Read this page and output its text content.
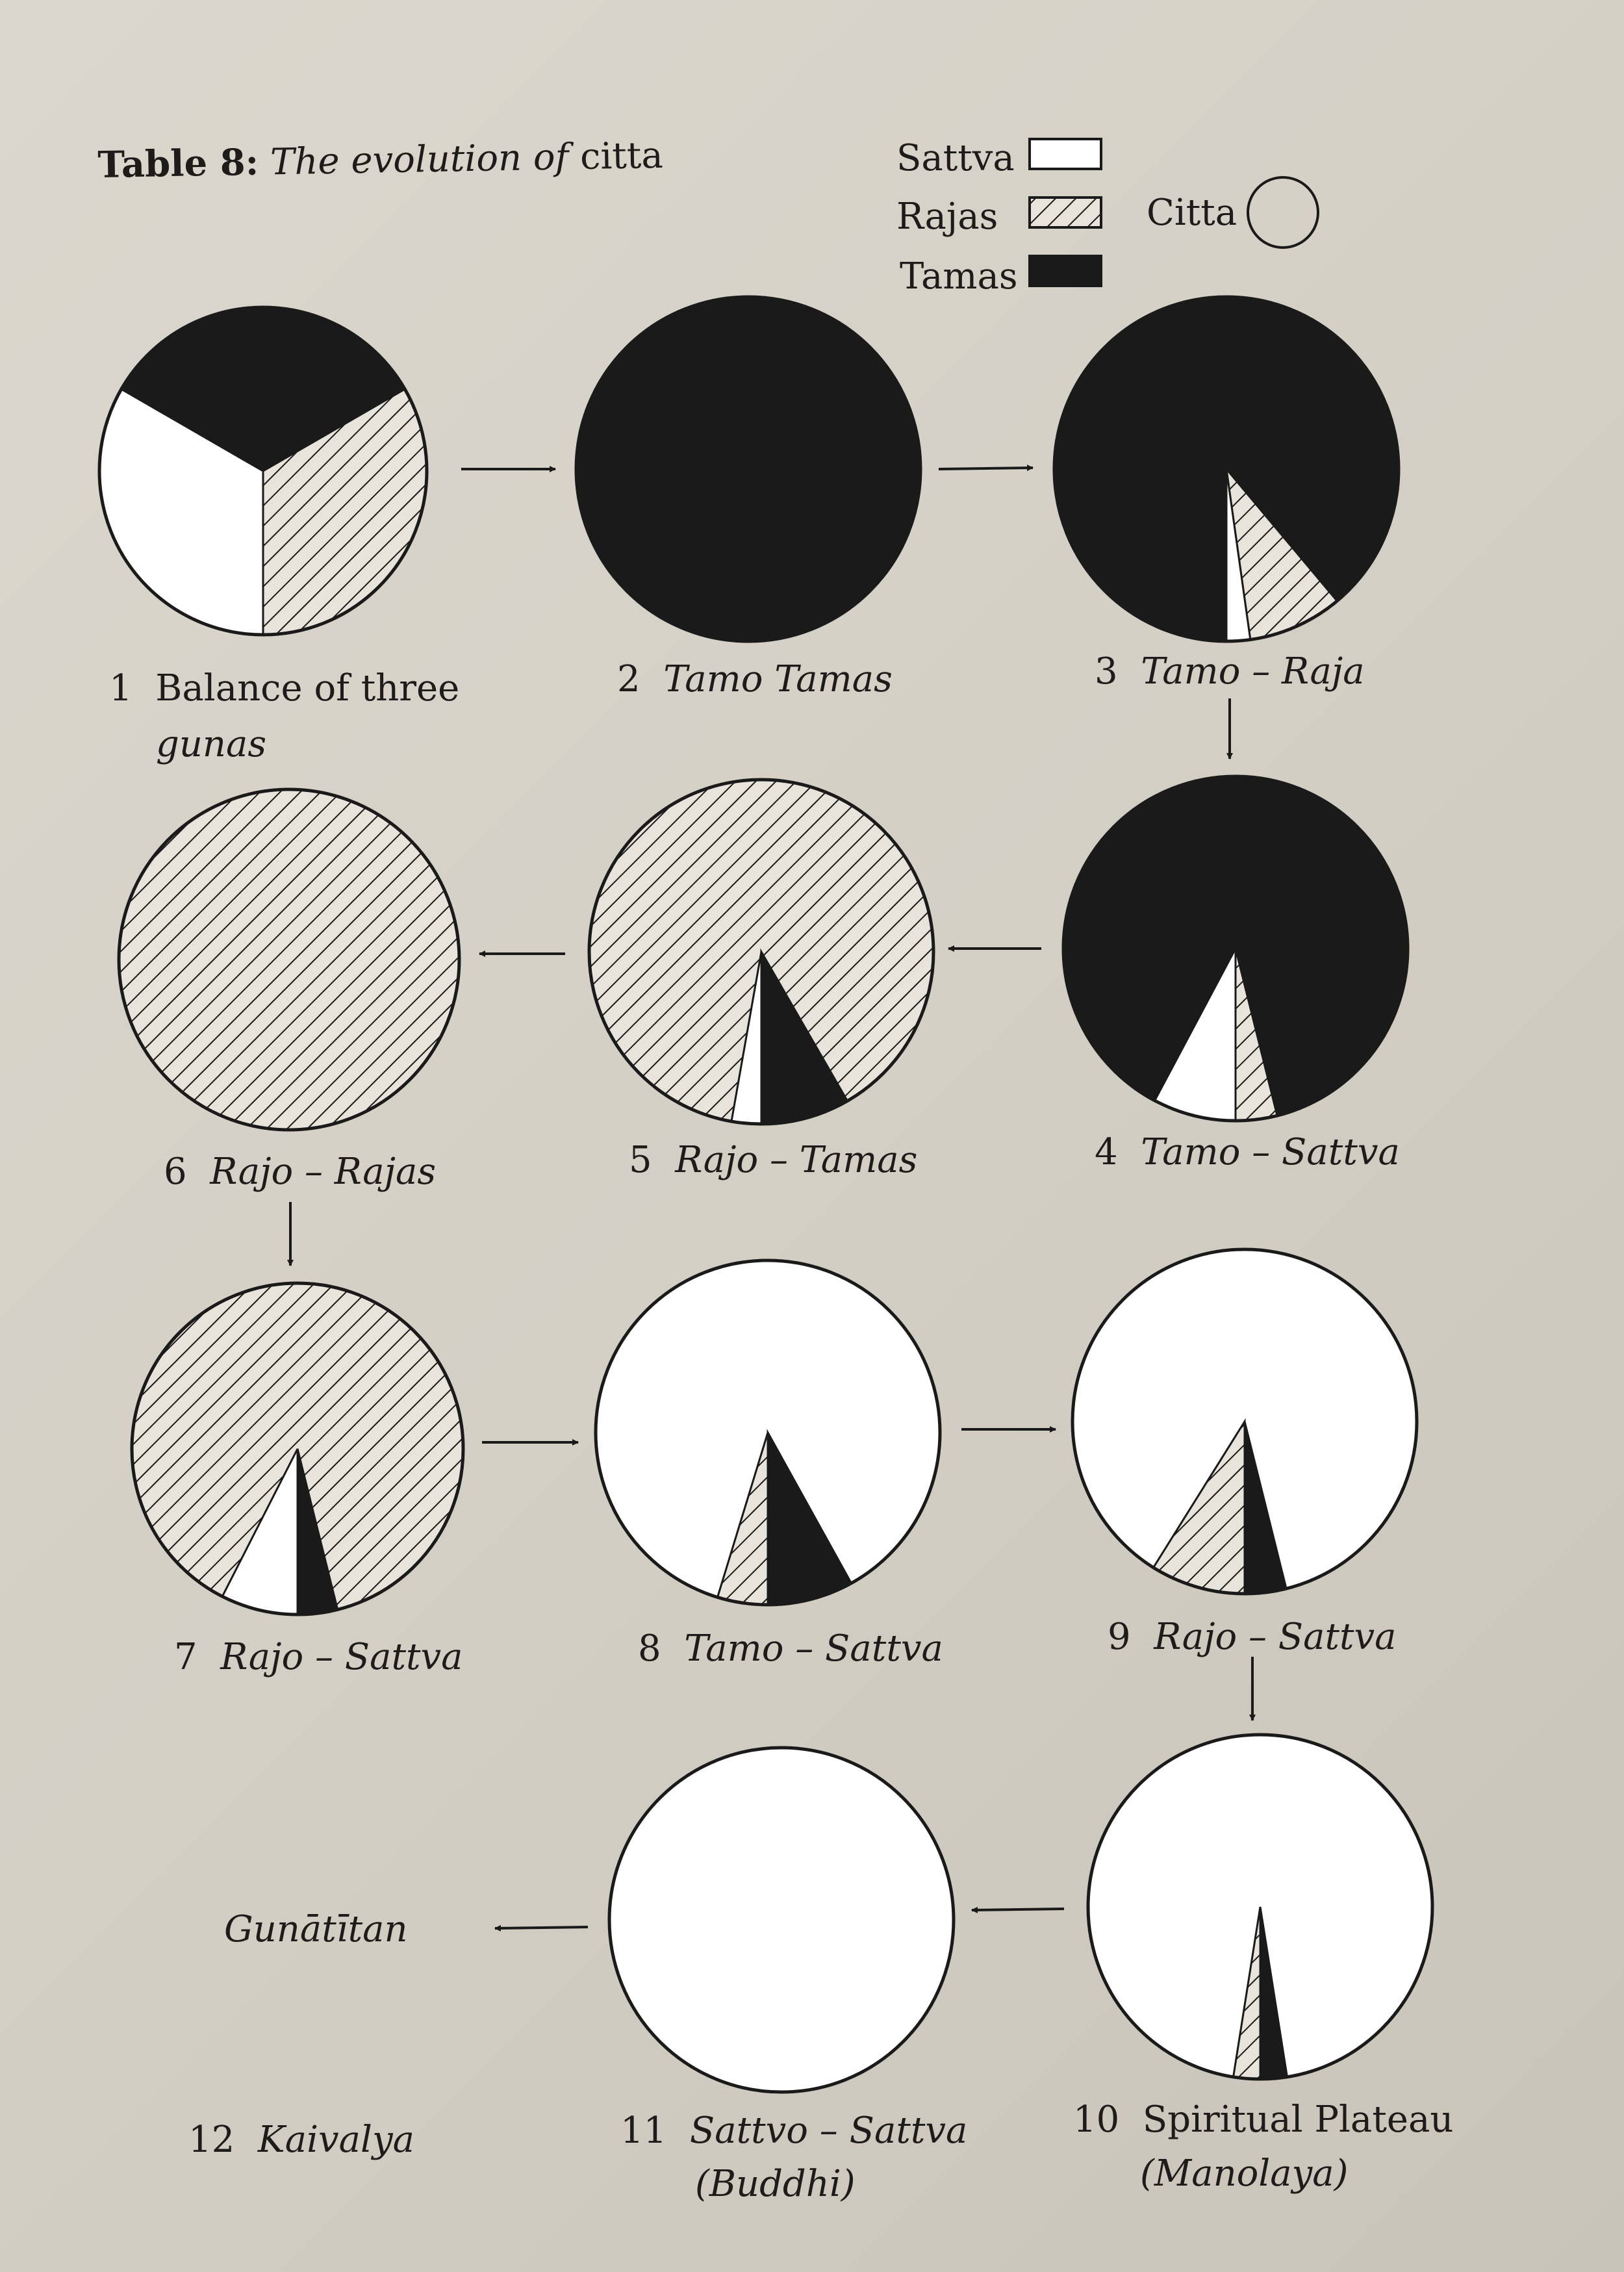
Table 8: The evolution of citta	Sattva
Rajas
Tamas
Citta
1 Balance of three
gunas
2 Tamo Tamas	3 Tamo – Raja
4 Tamo – Sattva
5 Rajo – Tamas
6 Rajo – Rajas
7 Rajo – Sattva	8 Tamo – Sattva	9 Rajo – Sattva
10 Spiritual Plateau
(Manolaya)
11 Sattvo – Sattva
(Buddhi)
12 Kaivalya
Gunātītan
